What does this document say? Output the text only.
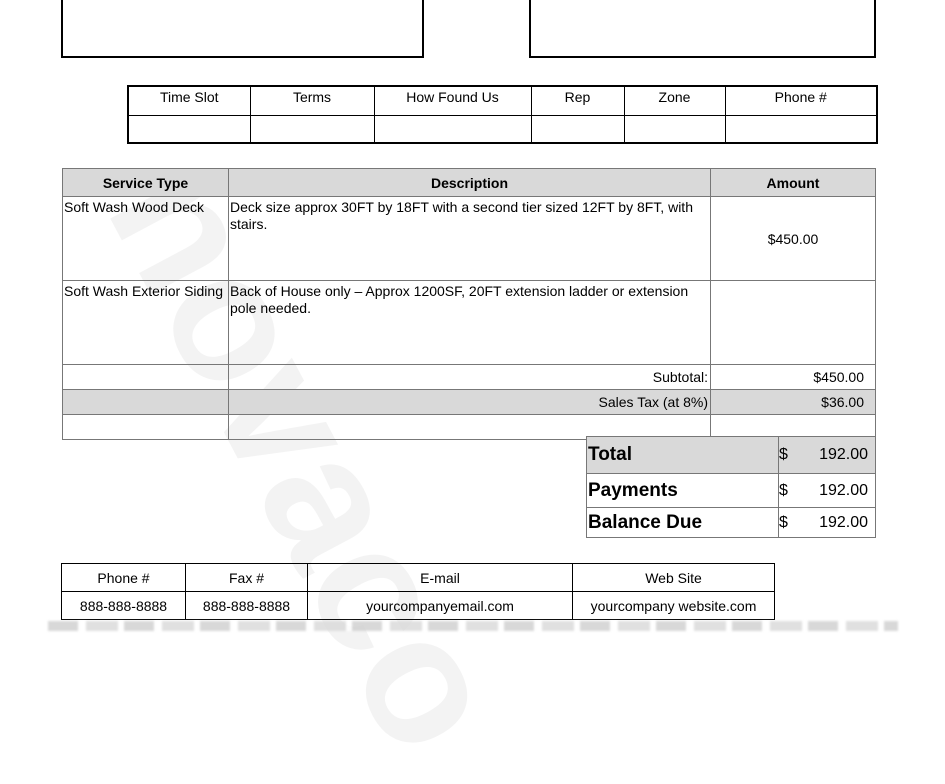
Time Slot	Terms	How Found Us	Rep	Zone	Phone #

Service Type	Description	Amount
Soft Wash Wood Deck	Deck size approx 30FT by 18FT with a second tier sized 12FT by 8FT, with stairs.	$450.00
Soft Wash Exterior Siding	Back of House only – Approx 1200SF, 20FT extension ladder or extension pole needed.	
	Subtotal:	$450.00
	Sales Tax (at 8%)	$36.00

Total	$	192.00
Payments	$	192.00
Balance Due	$	192.00
Phone #	Fax #	E-mail	Web Site
888-888-8888	888-888-8888	yourcompanyemail.com	yourcompany website.com
